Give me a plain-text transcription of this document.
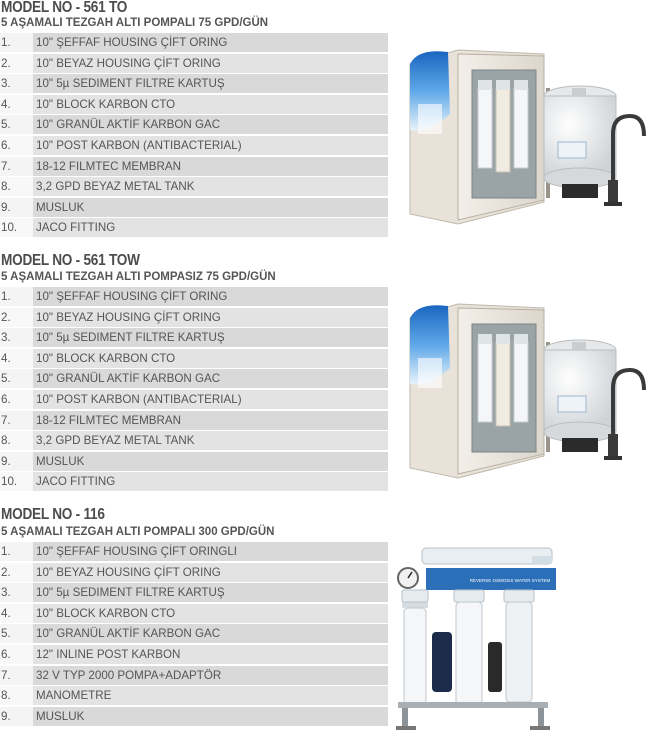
MODEL NO - 561 TO
5 AŞAMALI TEZGAH ALTI POMPALI 75 GPD/GÜN
1.	10" ŞEFFAF HOUSING ÇİFT ORING
2.	10" BEYAZ HOUSING ÇİFT ORING
3.	10" 5µ SEDIMENT FILTRE KARTUŞ
4.	10" BLOCK KARBON CTO
5.	10" GRANÜL AKTİF KARBON GAC
6.	10" POST KARBON (ANTIBACTERIAL)
7.	18-12 FILMTEC MEMBRAN
8.	3,2 GPD BEYAZ METAL TANK
9.	MUSLUK
10.	JACO FITTING
MODEL NO - 561 TOW
5 AŞAMALI TEZGAH ALTI POMPASIZ 75 GPD/GÜN
1.	10" ŞEFFAF HOUSING ÇİFT ORING
2.	10" BEYAZ HOUSING ÇİFT ORING
3.	10" 5µ SEDIMENT FILTRE KARTUŞ
4.	10" BLOCK KARBON CTO
5.	10" GRANÜL AKTİF KARBON GAC
6.	10" POST KARBON (ANTIBACTERIAL)
7.	18-12 FILMTEC MEMBRAN
8.	3,2 GPD BEYAZ METAL TANK
9.	MUSLUK
10.	JACO FITTING
MODEL NO - 116
5 AŞAMALI TEZGAH ALTI POMPALI 300 GPD/GÜN
1.	10" ŞEFFAF HOUSING ÇİFT ORINGLI
2.	10" BEYAZ HOUSING ÇİFT ORING
3.	10" 5µ SEDIMENT FILTRE KARTUŞ
4.	10" BLOCK KARBON CTO
5.	10" GRANÜL AKTİF KARBON GAC
6.	12" INLINE POST KARBON
7.	32 V TYP 2000 POMPA+ADAPTÖR
8.	MANOMETRE
9.	MUSLUK
REVERSE OSMOSIS WATER SYSTEM
